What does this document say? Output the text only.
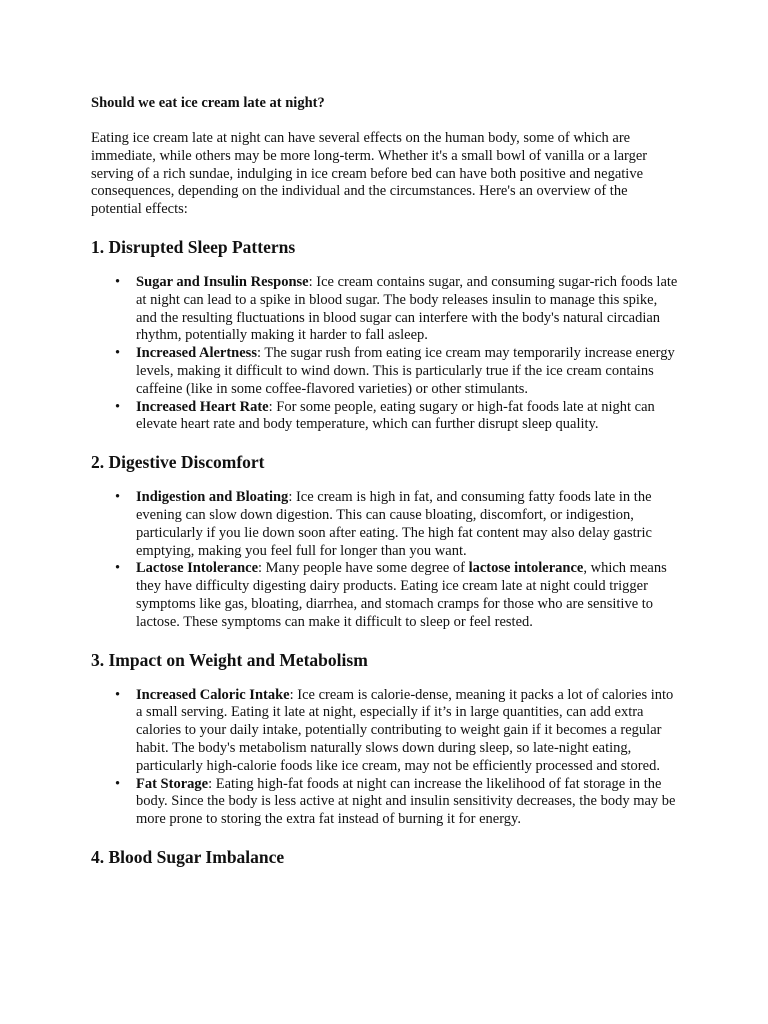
Should we eat ice cream late at night?

Eating ice cream late at night can have several effects on the human body, some of which are immediate, while others may be more long-term. Whether it's a small bowl of vanilla or a larger serving of a rich sundae, indulging in ice cream before bed can have both positive and negative consequences, depending on the individual and the circumstances. Here's an overview of the potential effects:

1. Disrupted Sleep Patterns
• Sugar and Insulin Response: Ice cream contains sugar, and consuming sugar-rich foods late at night can lead to a spike in blood sugar. The body releases insulin to manage this spike, and the resulting fluctuations in blood sugar can interfere with the body's natural circadian rhythm, potentially making it harder to fall asleep.
• Increased Alertness: The sugar rush from eating ice cream may temporarily increase energy levels, making it difficult to wind down. This is particularly true if the ice cream contains caffeine (like in some coffee-flavored varieties) or other stimulants.
• Increased Heart Rate: For some people, eating sugary or high-fat foods late at night can elevate heart rate and body temperature, which can further disrupt sleep quality.
2. Digestive Discomfort
• Indigestion and Bloating: Ice cream is high in fat, and consuming fatty foods late in the evening can slow down digestion. This can cause bloating, discomfort, or indigestion, particularly if you lie down soon after eating. The high fat content may also delay gastric emptying, making you feel full for longer than you want.
• Lactose Intolerance: Many people have some degree of lactose intolerance, which means they have difficulty digesting dairy products. Eating ice cream late at night could trigger symptoms like gas, bloating, diarrhea, and stomach cramps for those who are sensitive to lactose. These symptoms can make it difficult to sleep or feel rested.
3. Impact on Weight and Metabolism
• Increased Caloric Intake: Ice cream is calorie-dense, meaning it packs a lot of calories into a small serving. Eating it late at night, especially if it’s in large quantities, can add extra calories to your daily intake, potentially contributing to weight gain if it becomes a regular habit. The body's metabolism naturally slows down during sleep, so late-night eating, particularly high-calorie foods like ice cream, may not be efficiently processed and stored.
• Fat Storage: Eating high-fat foods at night can increase the likelihood of fat storage in the body. Since the body is less active at night and insulin sensitivity decreases, the body may be more prone to storing the extra fat instead of burning it for energy.
4. Blood Sugar Imbalance
